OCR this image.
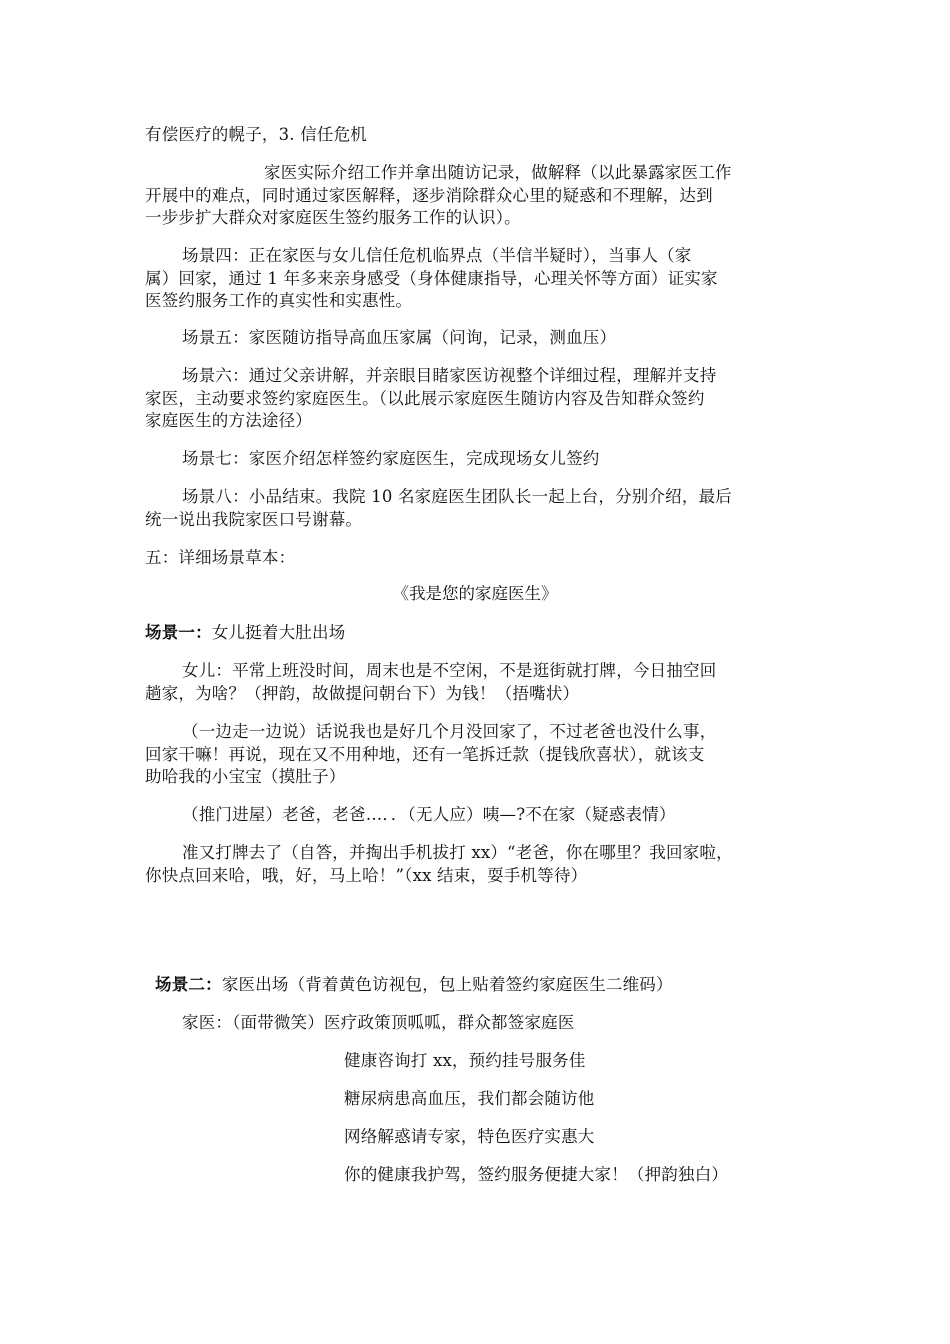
有偿医疗的幌子，3. 信任危机
家医实际介绍工作并拿出随访记录，做解释（以此暴露家医工作
开展中的难点，同时通过家医解释，逐步消除群众心里的疑惑和不理解，达到
一步步扩大群众对家庭医生签约服务工作的认识）。
场景四：正在家医与女儿信任危机临界点（半信半疑时），当事人（家
属）回家，通过 1 年多来亲身感受（身体健康指导，心理关怀等方面）证实家
医签约服务工作的真实性和实惠性。
场景五：家医随访指导高血压家属（问询，记录，测血压）
场景六：通过父亲讲解，并亲眼目睹家医访视整个详细过程，理解并支持
家医，主动要求签约家庭医生。（以此展示家庭医生随访内容及告知群众签约
家庭医生的方法途径）
场景七：家医介绍怎样签约家庭医生，完成现场女儿签约
场景八：小品结束。我院 10 名家庭医生团队长一起上台，分别介绍，最后
统一说出我院家医口号谢幕。
五：详细场景草本：
《我是您的家庭医生》
场景一：女儿挺着大肚出场
女儿：平常上班没时间，周末也是不空闲，不是逛街就打牌，今日抽空回
趟家，为啥？（押韵，故做提问朝台下）为钱！（捂嘴状）
（一边走一边说）话说我也是好几个月没回家了，不过老爸也没什么事，
回家干嘛！再说，现在又不用种地，还有一笔拆迁款（提钱欣喜状），就该支
助哈我的小宝宝（摸肚子）
（推门进屋）老爸，老爸…．．（无人应）咦—?不在家（疑惑表情）
准又打牌去了（自答，并掏出手机拔打 xx）“老爸，你在哪里？我回家啦，
你快点回来哈，哦，好，马上哈！”（xx 结束，耍手机等待）
场景二：家医出场（背着黄色访视包，包上贴着签约家庭医生二维码）
家医：（面带微笑）医疗政策顶呱呱，群众都签家庭医
健康咨询打 xx，预约挂号服务佳
糖尿病患高血压，我们都会随访他
网络解惑请专家，特色医疗实惠大
你的健康我护驾，签约服务便捷大家！（押韵独白）
